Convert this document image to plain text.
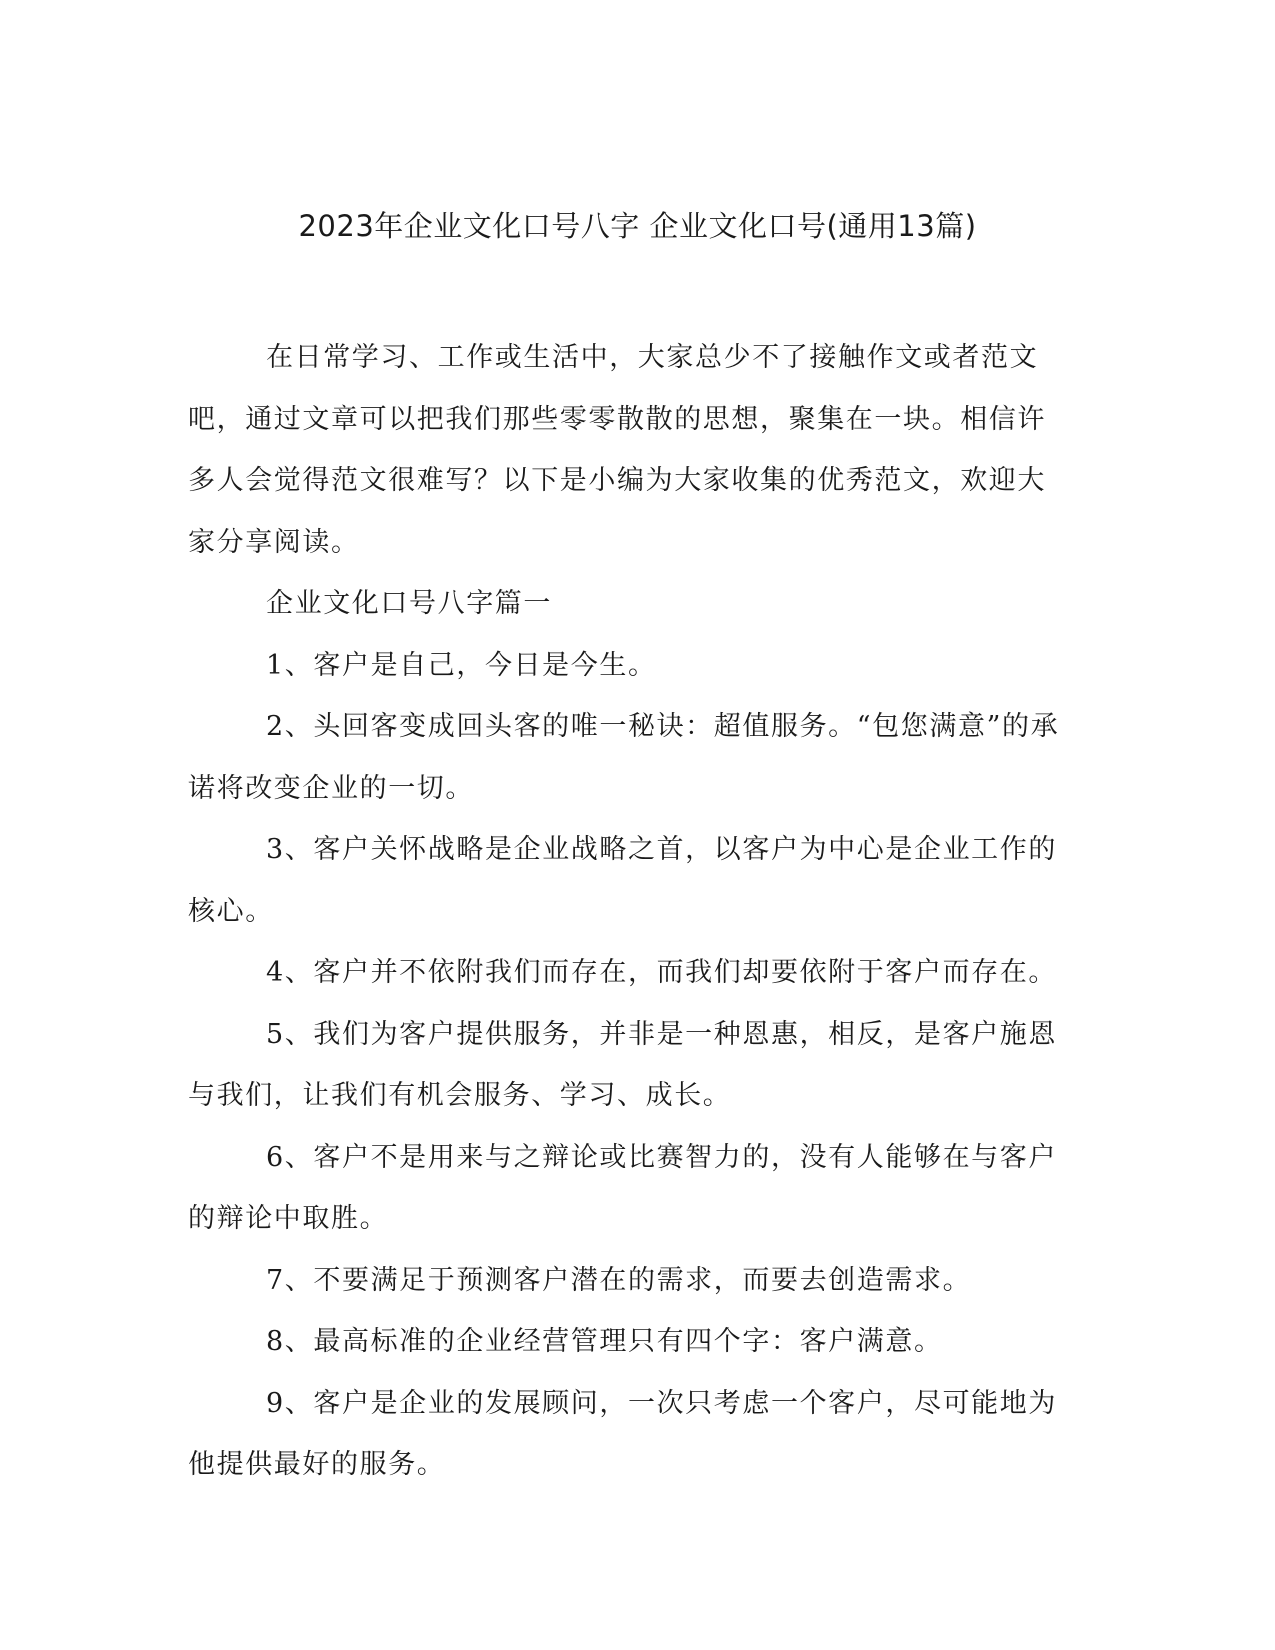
2023年企业文化口号八字 企业文化口号(通用13篇)

在日常学习、工作或生活中，大家总少不了接触作文或者范文吧，通过文章可以把我们那些零零散散的思想，聚集在一块。相信许多人会觉得范文很难写？以下是小编为大家收集的优秀范文，欢迎大家分享阅读。

企业文化口号八字篇一

1、客户是自己，今日是今生。

2、头回客变成回头客的唯一秘诀：超值服务。“包您满意”的承诺将改变企业的一切。

3、客户关怀战略是企业战略之首，以客户为中心是企业工作的核心。

4、客户并不依附我们而存在，而我们却要依附于客户而存在。

5、我们为客户提供服务，并非是一种恩惠，相反，是客户施恩与我们，让我们有机会服务、学习、成长。

6、客户不是用来与之辩论或比赛智力的，没有人能够在与客户的辩论中取胜。

7、不要满足于预测客户潜在的需求，而要去创造需求。

8、最高标准的企业经营管理只有四个字：客户满意。

9、客户是企业的发展顾问，一次只考虑一个客户，尽可能地为他提供最好的服务。
